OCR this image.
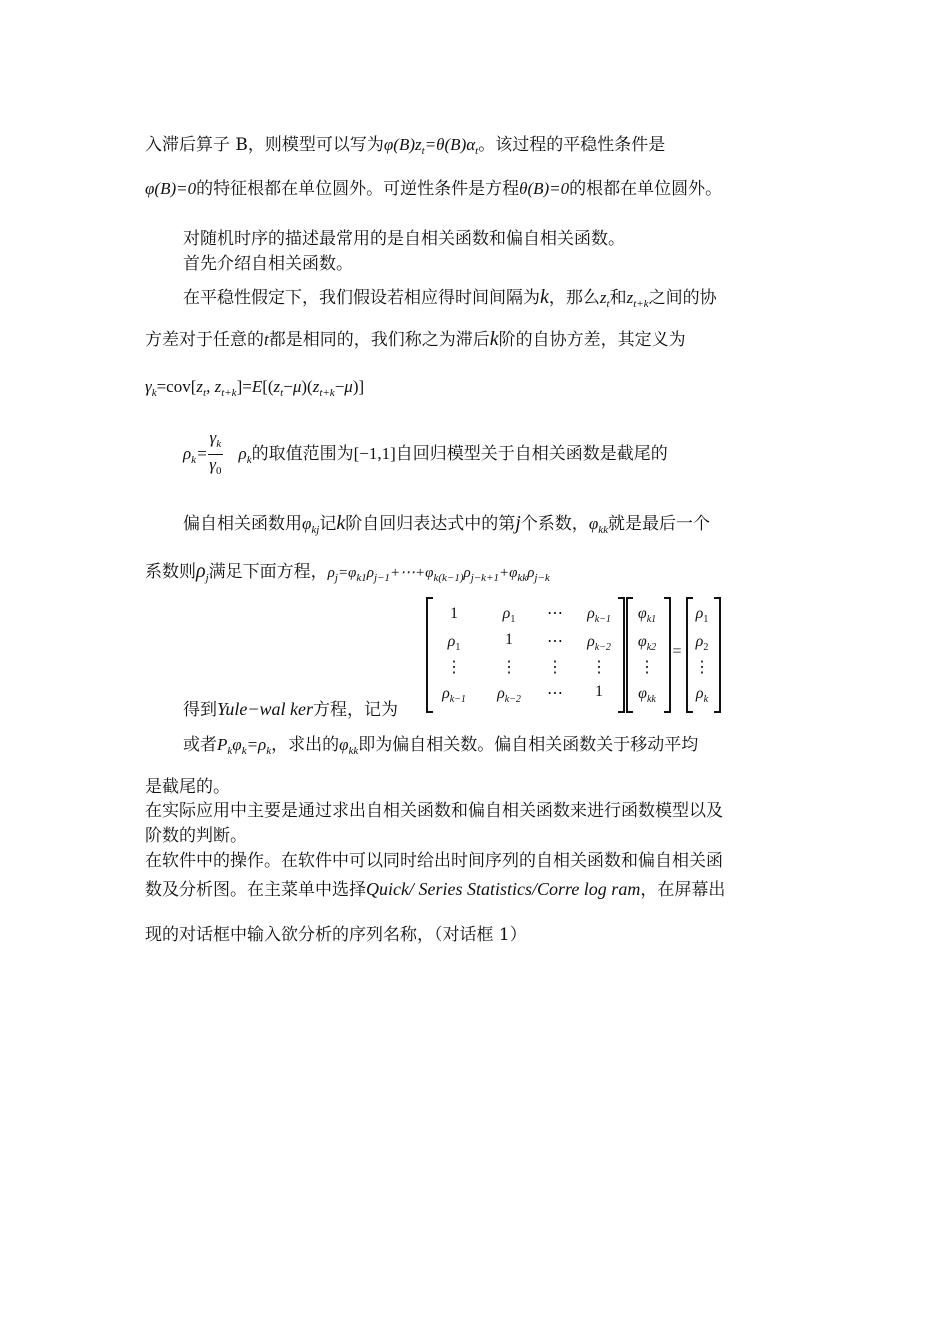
入滞后算子 B，则模型可以写为$\varphi(B)z_t=\theta(B)\alpha_t$。该过程的平稳性条件是
φ(B)=0的特征根都在单位圆外。可逆性条件是方程θ(B)=0的根都在单位圆外。
对随机时序的描述最常用的是自相关函数和偏自相关函数。
首先介绍自相关函数。
在平稳性假定下，我们假设若相应得时间间隔为k，那么$z_t$和$z_{t+k}$之间的协
方差对于任意的t都是相同的，我们称之为滞后k阶的自协方差，其定义为
$\gamma_k=cov[z_t$, $z_{t+k}]=E[(z_t-\mu)(z_{t+k}-\mu)]$
$\rho_k= \frac{\gamma_k}{\gamma_0} \rho_k$的取值范围为[−1,1]自回归模型关于自相关函数是截尾的
偏自相关函数用$\varphi_{kj}$记k阶自回归表达式中的第j个系数，$\varphi_{kk}$就是最后一个
系数则$\rho_j$满足下面方程，$\rho_j=\varphi_{k1}\rho_{j-1}+\cdots+\varphi_{k(k-1)}\rho_{j-k+1}+\varphi_{kk}\rho_{j-k}$
1	$\rho_1$	⋯	$\rho_{k-1}$
$\rho_1$	1	⋯	$\rho_{k-2}$
⋮	⋮	⋮	⋮
$\rho_{k-1}$	$\rho_{k-2}$	⋯	1
$\varphi_{k1}$
$\varphi_{k2}$
⋮
$\varphi_{kk}$
=
$\rho_1$
$\rho_2$
⋮
$\rho_k$
得到Yule−wal ker方程，记为
或者$P_k\varphi_k=\rho_k$，求出的$\varphi_{kk}$即为偏自相关数。偏自相关函数关于移动平均
是截尾的。
在实际应用中主要是通过求出自相关函数和偏自相关函数来进行函数模型以及
阶数的判断。
在软件中的操作。在软件中可以同时给出时间序列的自相关函数和偏自相关函
数及分析图。在主菜单中选择Quick/ Series Statistics/Corre log ram，在屏幕出
现的对话框中输入欲分析的序列名称，（对话框 1）
